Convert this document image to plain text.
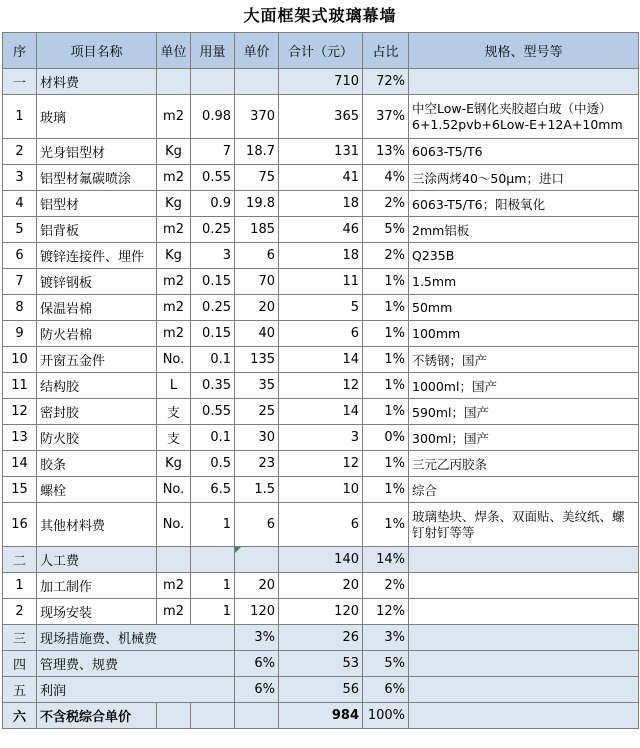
大面框架式玻璃幕墙
序	项目名称	单位	用量	单价	合计（元）	占比	规格、型号等
一	材料费				710	72%	
1	玻璃	m2	0.98	370	365	37%	中空Low-E钢化夹胶超白玻（中透）6+1.52pvb+6Low-E+12A+10mm
2	光身铝型材	Kg	7	18.7	131	13%	6063-T5/T6
3	铝型材氟碳喷涂	m2	0.55	75	41	4%	三涂两烤40～50μm；进口
4	铝型材	Kg	0.9	19.8	18	2%	6063-T5/T6；阳极氧化
5	铝背板	m2	0.25	185	46	5%	2mm铝板
6	镀锌连接件、埋件	Kg	3	6	18	2%	Q235B
7	镀锌钢板	m2	0.15	70	11	1%	1.5mm
8	保温岩棉	m2	0.25	20	5	1%	50mm
9	防火岩棉	m2	0.15	40	6	1%	100mm
10	开窗五金件	No.	0.1	135	14	1%	不锈钢；国产
11	结构胶	L	0.35	35	12	1%	1000ml；国产
12	密封胶	支	0.55	25	14	1%	590ml；国产
13	防火胶	支	0.1	30	3	0%	300ml；国产
14	胶条	Kg	0.5	23	12	1%	三元乙丙胶条
15	螺栓	No.	6.5	1.5	10	1%	综合
16	其他材料费	No.	1	6	6	1%	玻璃垫块、焊条、双面贴、美纹纸、螺钉射钉等等
二	人工费				140	14%	
1	加工制作	m2	1	20	20	2%	
2	现场安装	m2	1	120	120	12%	
三	现场措施费、机械费			3%	26	3%	
四	管理费、规费			6%	53	5%	
五	利润			6%	56	6%	
六	不含税综合单价				984	100%	
